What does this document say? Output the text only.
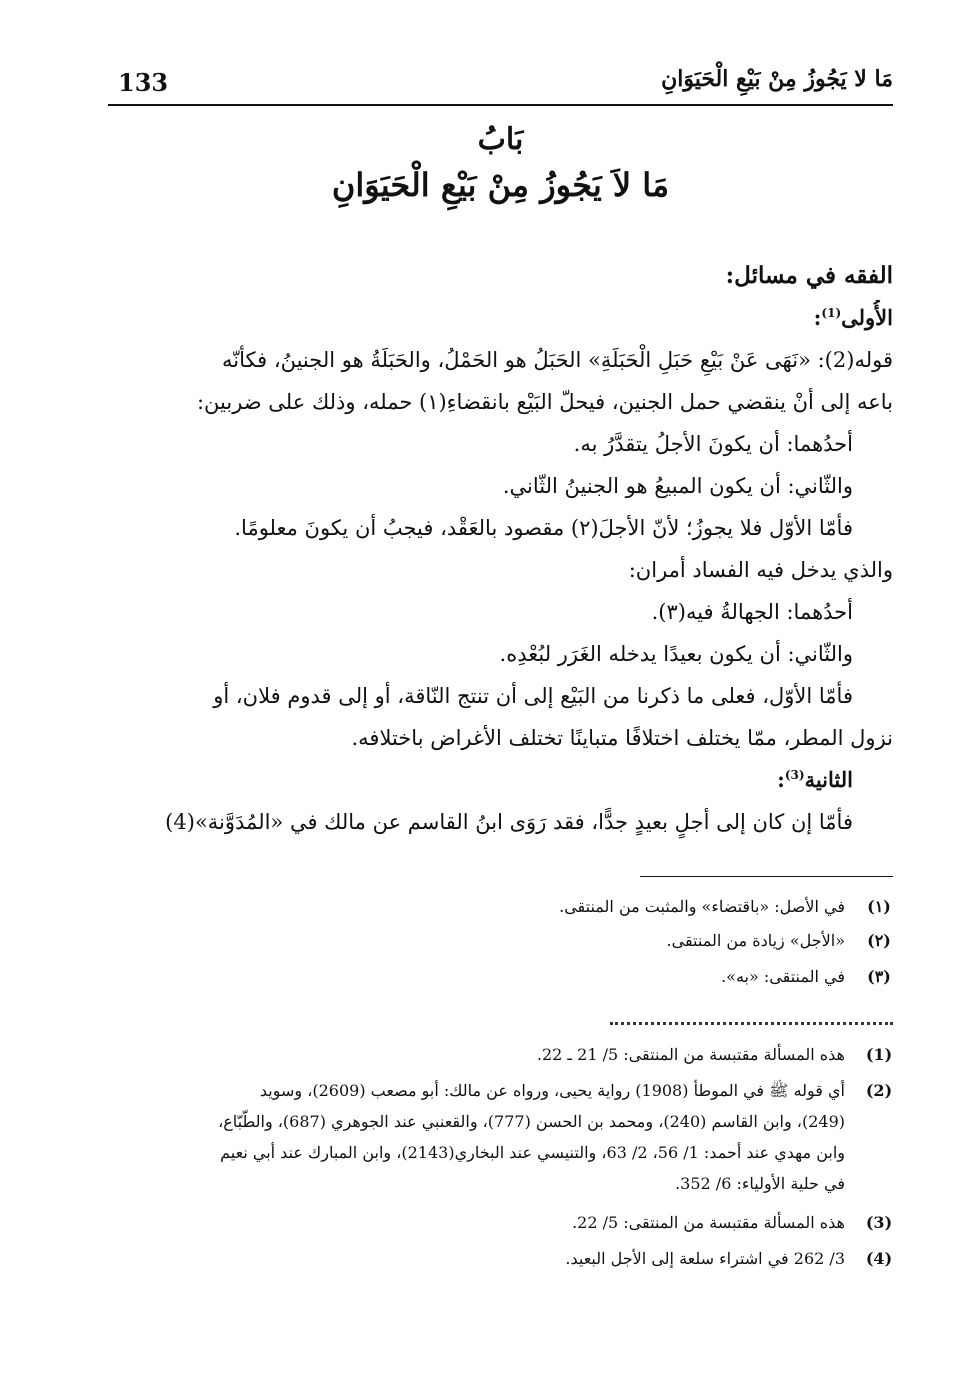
133	مَا لا يَجُوزُ مِنْ بَيْعِ الْحَيَوَانِ
بَابُ
مَا لاَ يَجُوزُ مِنْ بَيْعِ الْحَيَوَانِ
الفقه في مسائل:
الأُولى$^{(1)}$:
قوله(2): «نَهَى عَنْ بَيْعِ حَبَلِ الْحَبَلَةِ» الحَبَلُ هو الحَمْلُ، والحَبَلَةُ هو الجنينُ، فكأنّه
باعه إلى أنْ ينقضي حمل الجنين، فيحلّ البَيْع بانقضاءِ(١) حمله، وذلك على ضربين:
أحدُهما: أن يكونَ الأجلُ يتقدَّرُ به.
والثّاني: أن يكون المبيعُ هو الجنينُ الثّاني.
فأمّا الأوّل فلا يجوزُ؛ لأنّ الأجلَ(٢) مقصود بالعَقْد، فيجبُ أن يكونَ معلومًا.
والذي يدخل فيه الفساد أمران:
أحدُهما: الجهالةُ فيه(٣).
والثّاني: أن يكون بعيدًا يدخله الغَرَر لبُعْدِه.
فأمّا الأوّل، فعلى ما ذكرنا من البَيْع إلى أن تنتج النّاقة، أو إلى قدوم فلان، أو
نزول المطر، ممّا يختلف اختلافًا متباينًا تختلف الأغراض باختلافه.
الثانية$^{(3)}$:
فأمّا إن كان إلى أجلٍ بعيدٍ جدًّا، فقد رَوَى ابنُ القاسم عن مالك في «المُدَوَّنة»(4)
(١)
في الأصل: «باقتضاء» والمثبت من المنتقى.
(٢)
«الأجل» زيادة من المنتقى.
(٣)
في المنتقى: «به».
(1)
هذه المسألة مقتبسة من المنتقى: 5/ 21 ـ 22.
(2)
أي قوله ﷺ في الموطأ (1908) رواية يحيى، ورواه عن مالك: أبو مصعب (2609)، وسويد
(249)، وابن القاسم (240)، ومحمد بن الحسن (777)، والقعنبي عند الجوهري (687)، والطّبّاع،
وابن مهدي عند أحمد: 1/ 56، 2/ 63، والتنيسي عند البخاري(2143)، وابن المبارك عند أبي نعيم
في حلية الأولياء: 6/ 352.
(3)
هذه المسألة مقتبسة من المنتقى: 5/ 22.
(4)
3/ 262 في اشتراء سلعة إلى الأجل البعيد.
